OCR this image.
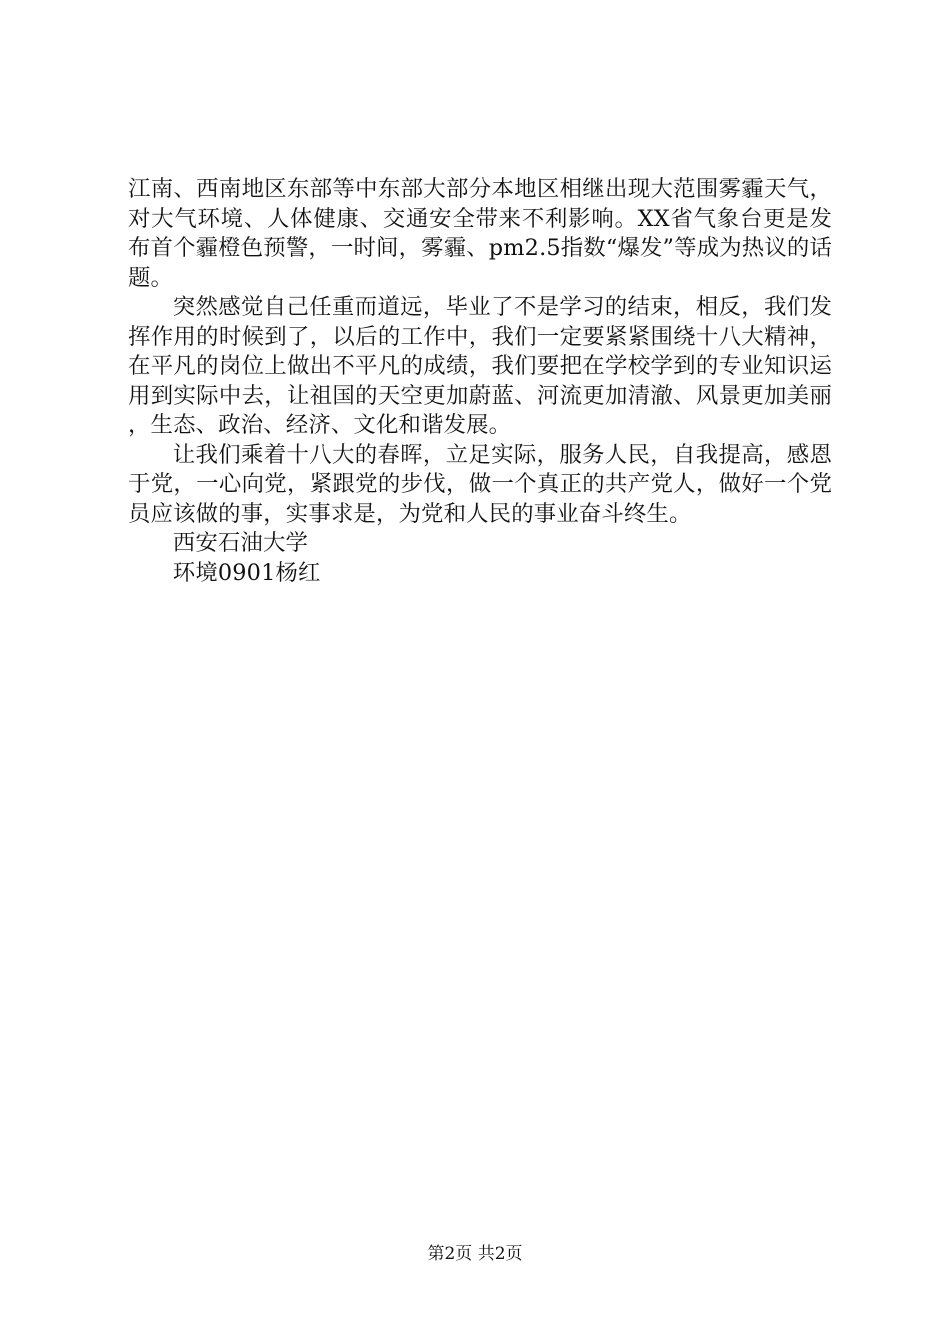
江南、西南地区东部等中东部大部分本地区相继出现大范围雾霾天气，对大气环境、人体健康、交通安全带来不利影响。XX省气象台更是发布首个霾橙色预警，一时间，雾霾、pm2.5指数“爆发”等成为热议的话题。

突然感觉自己任重而道远，毕业了不是学习的结束，相反，我们发挥作用的时候到了，以后的工作中，我们一定要紧紧围绕十八大精神，在平凡的岗位上做出不平凡的成绩，我们要把在学校学到的专业知识运用到实际中去，让祖国的天空更加蔚蓝、河流更加清澈、风景更加美丽，生态、政治、经济、文化和谐发展。

让我们乘着十八大的春晖，立足实际，服务人民，自我提高，感恩于党，一心向党，紧跟党的步伐，做一个真正的共产党人，做好一个党员应该做的事，实事求是，为党和人民的事业奋斗终生。

西安石油大学

环境0901杨红

第2页 共2页
